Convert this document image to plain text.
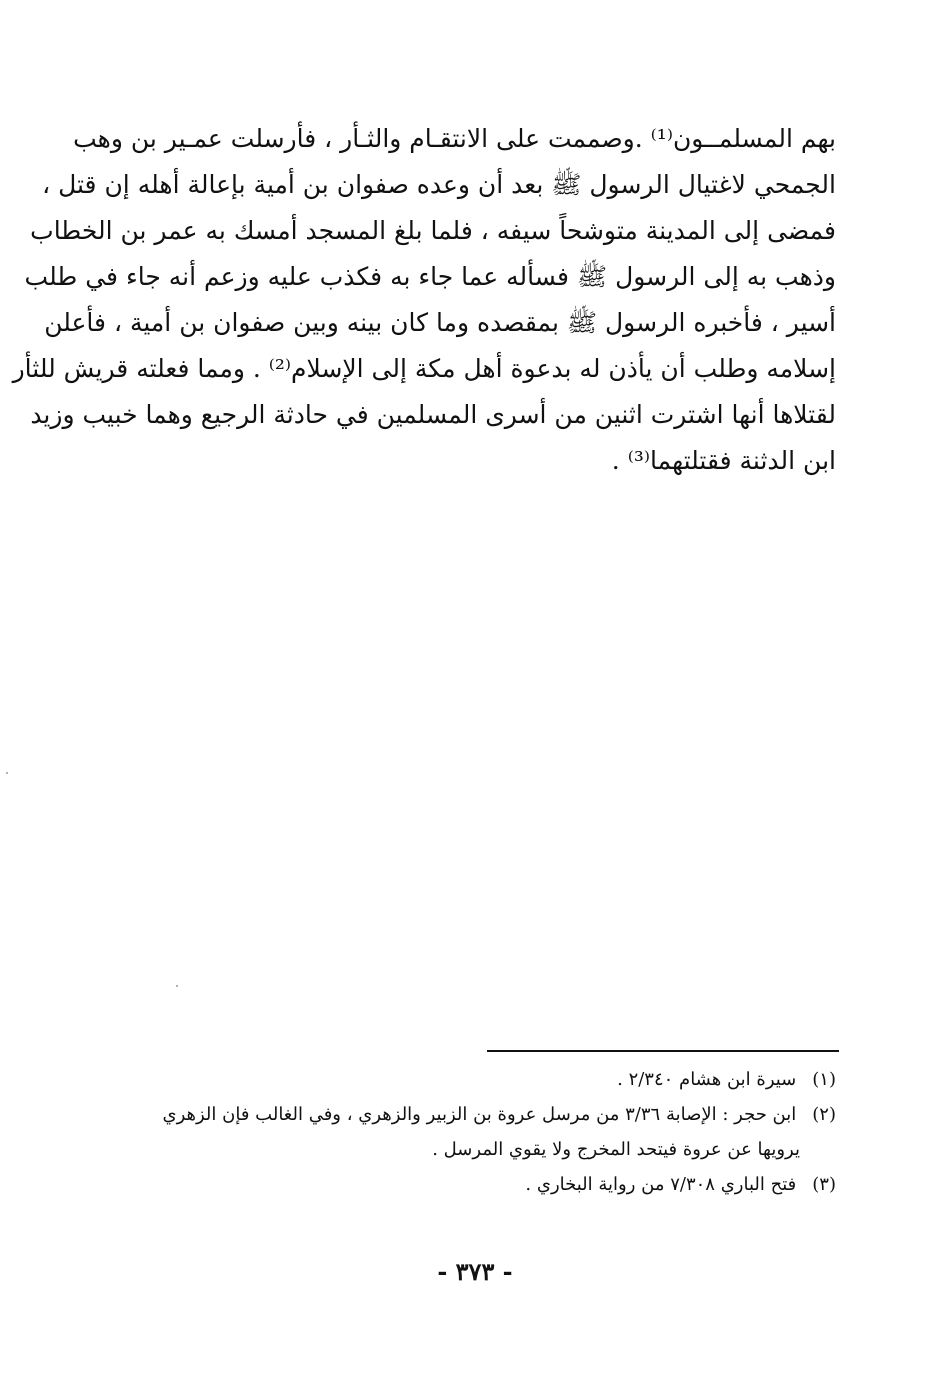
بهم المسلمــون⁽¹⁾ .وصممت على الانتقـام والثـأر ، فأرسلت عمـير بن وهب
الجمحي لاغتيال الرسول ﷺ بعد أن وعده صفوان بن أمية بإعالة أهله إن قتل ،
فمضى إلى المدينة متوشحاً سيفه ، فلما بلغ المسجد أمسك به عمر بن الخطاب
وذهب به إلى الرسول ﷺ فسأله عما جاء به فكذب عليه وزعم أنه جاء في طلب
أسير ، فأخبره الرسول ﷺ بمقصده وما كان بينه وبين صفوان بن أمية ، فأعلن
إسلامه وطلب أن يأذن له بدعوة أهل مكة إلى الإسلام⁽²⁾ . ومما فعلته قريش للثأر
لقتلاها أنها اشترت اثنين من أسرى المسلمين في حادثة الرجيع وهما خبيب وزيد
ابن الدثنة فقتلتهما⁽³⁾ .
(١) سيرة ابن هشام ٢/٣٤٠ .
(٢) ابن حجر : الإصابة ٣/٣٦ من مرسل عروة بن الزبير والزهري ، وفي الغالب فإن الزهري
يرويها عن عروة فيتحد المخرج ولا يقوي المرسل .
(٣) فتح الباري ٧/٣٠٨ من رواية البخاري .
- ٣٧٣ -
